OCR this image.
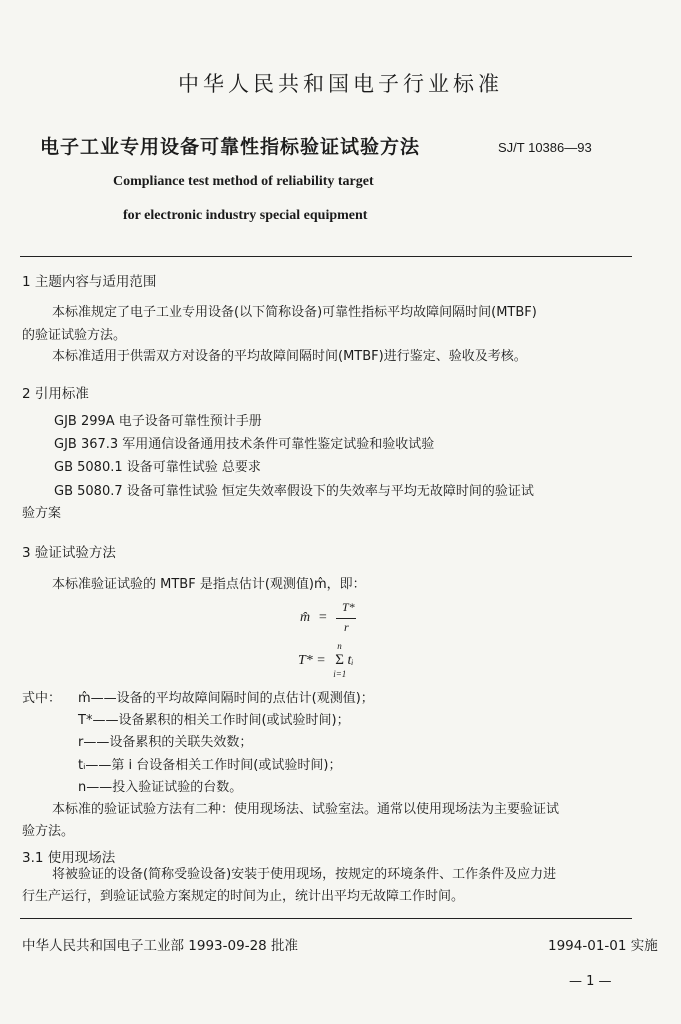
中华人民共和国电子行业标准
电子工业专用设备可靠性指标验证试验方法	SJ/T 10386—93
Compliance test method of reliability target
for electronic industry special equipment
1 主题内容与适用范围
本标准规定了电子工业专用设备(以下简称设备)可靠性指标平均故障间隔时间(MTBF)
的验证试验方法。
本标准适用于供需双方对设备的平均故障间隔时间(MTBF)进行鉴定、验收及考核。
2 引用标准
GJB 299A 电子设备可靠性预计手册
GJB 367.3 军用通信设备通用技术条件可靠性鉴定试验和验收试验
GB 5080.1 设备可靠性试验 总要求
GB 5080.7 设备可靠性试验 恒定失效率假设下的失效率与平均无故障时间的验证试
验方案
3 验证试验方法
本标准验证试验的 MTBF 是指点估计(观测值)m̂，即：
m̂ =
T*
r
T* =
n
Σ
i=1
tᵢ
式中： m̂——设备的平均故障间隔时间的点估计(观测值)；
T*——设备累积的相关工作时间(或试验时间)；
r——设备累积的关联失效数；
tᵢ——第 i 台设备相关工作时间(或试验时间)；
n——投入验证试验的台数。
本标准的验证试验方法有二种：使用现场法、试验室法。通常以使用现场法为主要验证试
验方法。
3.1 使用现场法
将被验证的设备(简称受验设备)安装于使用现场，按规定的环境条件、工作条件及应力进
行生产运行，到验证试验方案规定的时间为止，统计出平均无故障工作时间。
中华人民共和国电子工业部 1993-09-28 批准	1994-01-01 实施
— 1 —
